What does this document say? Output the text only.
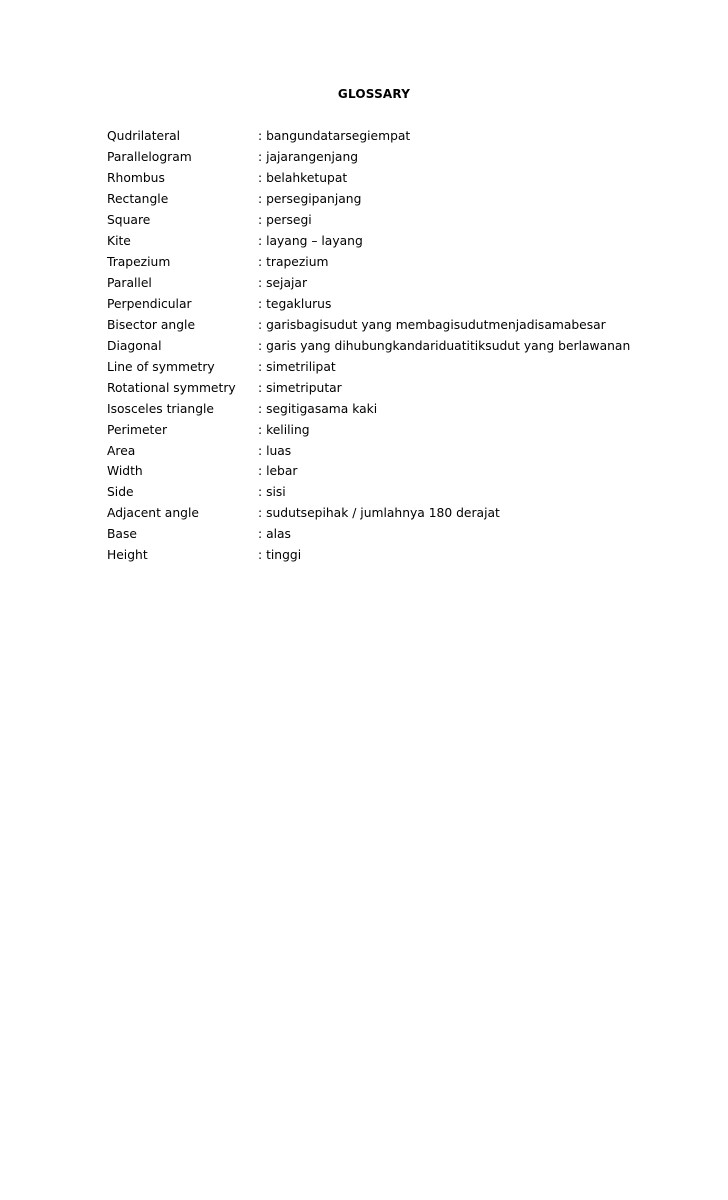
GLOSSARY
Qudrilateral	: bangundatarsegiempat
Parallelogram	: jajarangenjang
Rhombus	: belahketupat
Rectangle	: persegipanjang
Square	: persegi
Kite	: layang – layang
Trapezium	: trapezium
Parallel	: sejajar
Perpendicular	: tegaklurus
Bisector angle	: garisbagisudut yang membagisudutmenjadisamabesar
Diagonal	: garis yang dihubungkandariduatitiksudut yang berlawanan
Line of symmetry	: simetrilipat
Rotational symmetry	: simetriputar
Isosceles triangle	: segitigasama kaki
Perimeter	: keliling
Area	: luas
Width	: lebar
Side	: sisi
Adjacent angle	: sudutsepihak / jumlahnya 180 derajat
Base	: alas
Height	: tinggi
